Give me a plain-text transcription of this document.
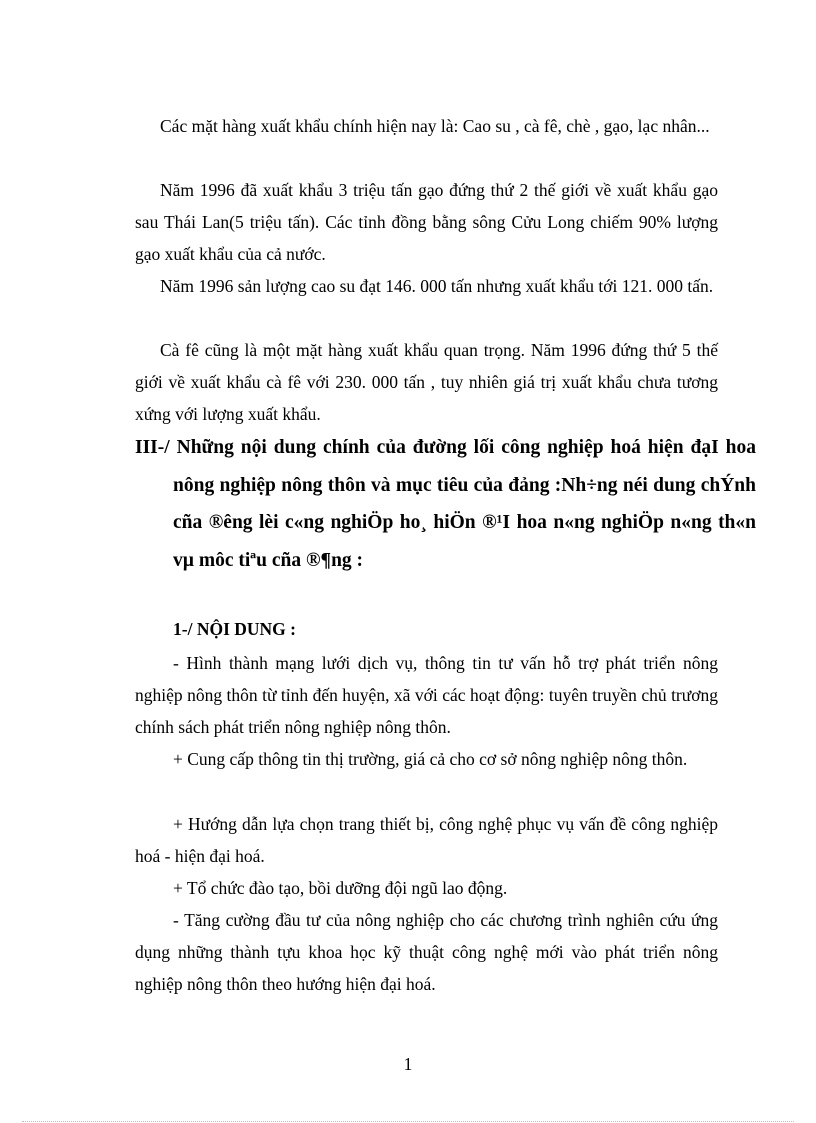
Các mặt hàng xuất khẩu chính hiện nay là: Cao su , cà fê, chè , gạo, lạc nhân...

Năm 1996 đã xuất khẩu 3 triệu tấn gạo đứng thứ 2 thế giới về xuất khẩu gạo sau Thái Lan(5 triệu tấn). Các tỉnh đồng bằng sông Cửu Long chiếm 90% lượng gạo xuất khẩu của cả nước.

Năm 1996 sản lượng cao su đạt 146. 000 tấn nhưng xuất khẩu tới 121. 000 tấn.

Cà fê cũng là một mặt hàng xuất khẩu quan trọng. Năm 1996 đứng thứ 5 thế giới về xuất khẩu cà fê với 230. 000 tấn , tuy nhiên giá trị xuất khẩu chưa tương xứng với lượng xuất khẩu.

III-/ Những nội dung chính của đường lối công nghiệp hoá hiện đạI hoa nông nghiệp nông thôn và mục tiêu của đảng :Nh÷ng néi dung chÝnh cña ®êng lèi c«ng nghiÖp ho¸ hiÖn ®¹I hoa n«ng nghiÖp n«ng th«n vµ môc tiªu cña ®¶ng :

1-/ NỘI DUNG :

- Hình thành mạng lưới dịch vụ, thông tin tư vấn hỗ trợ phát triển nông nghiệp nông thôn từ tỉnh đến huyện, xã với các hoạt động: tuyên truyền chủ trương chính sách phát triển nông nghiệp nông thôn.

+ Cung cấp thông tin thị trường, giá cả cho cơ sở nông nghiệp nông thôn.

+ Hướng dẫn lựa chọn trang thiết bị, công nghệ phục vụ vấn đề công nghiệp hoá - hiện đại hoá.

+ Tổ chức đào tạo, bồi dưỡng đội ngũ lao động.

- Tăng cường đầu tư của nông nghiệp cho các chương trình nghiên cứu ứng dụng những thành tựu khoa học kỹ thuật công nghệ mới vào phát triển nông nghiệp nông thôn theo hướng hiện đại hoá.

1
